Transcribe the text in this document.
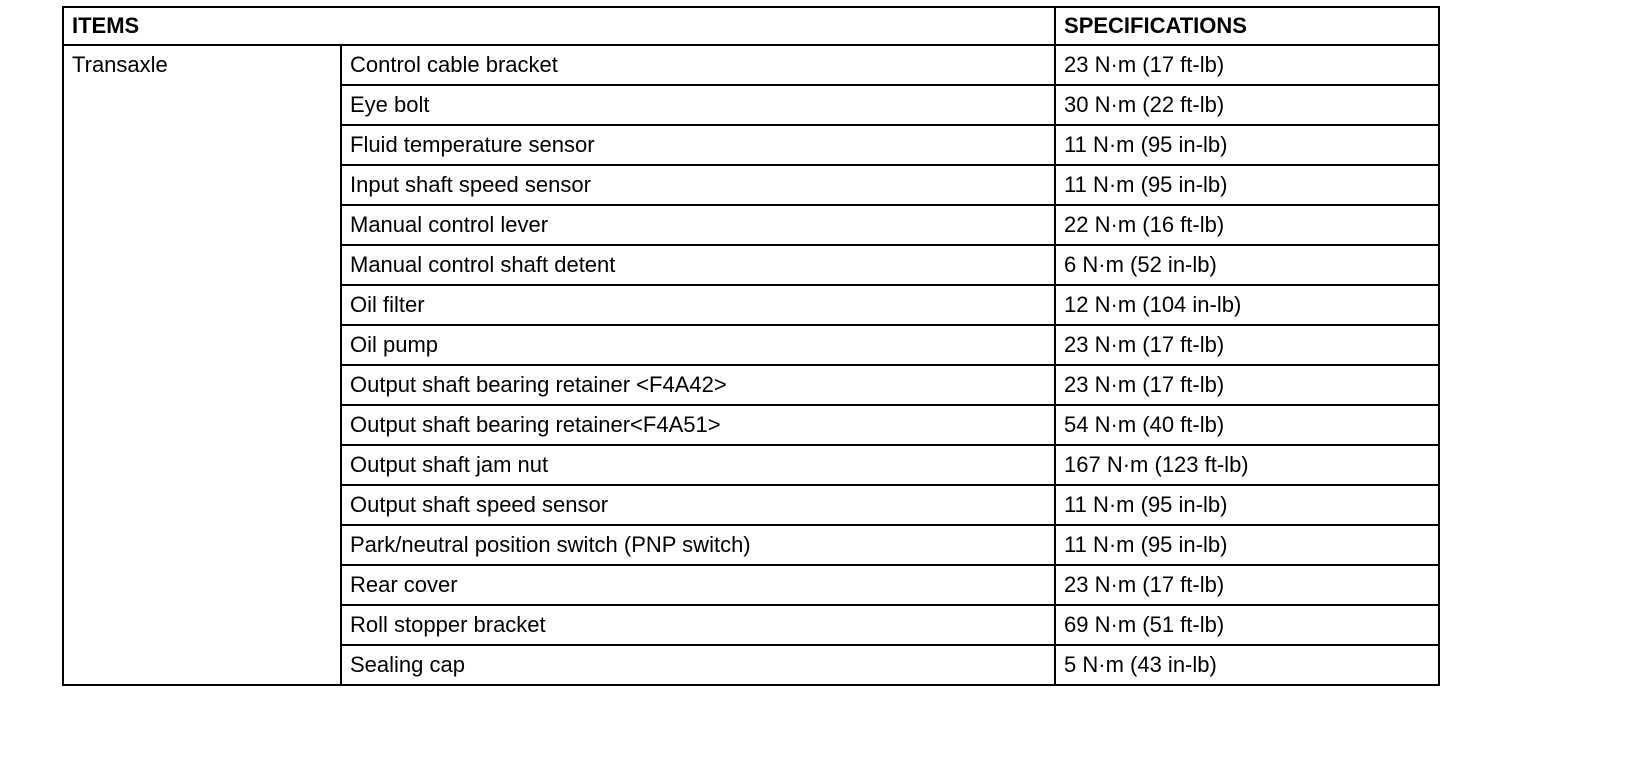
ITEMS		SPECIFICATIONS
Transaxle	Control cable bracket	23 N·m (17 ft-lb)
	Eye bolt	30 N·m (22 ft-lb)
	Fluid temperature sensor	11 N·m (95 in-lb)
	Input shaft speed sensor	11 N·m (95 in-lb)
	Manual control lever	22 N·m (16 ft-lb)
	Manual control shaft detent	6 N·m (52 in-lb)
	Oil filter	12 N·m (104 in-lb)
	Oil pump	23 N·m (17 ft-lb)
	Output shaft bearing retainer <F4A42>	23 N·m (17 ft-lb)
	Output shaft bearing retainer<F4A51>	54 N·m (40 ft-lb)
	Output shaft jam nut	167 N·m (123 ft-lb)
	Output shaft speed sensor	11 N·m (95 in-lb)
	Park/neutral position switch (PNP switch)	11 N·m (95 in-lb)
	Rear cover	23 N·m (17 ft-lb)
	Roll stopper bracket	69 N·m (51 ft-lb)
	Sealing cap	5 N·m (43 in-lb)
